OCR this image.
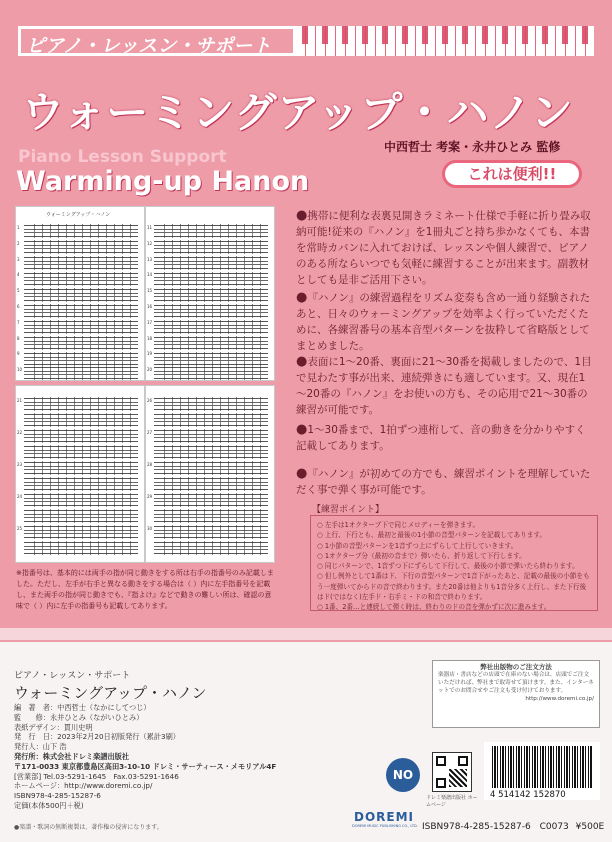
ピアノ・レッスン・サポート
ウォーミングアップ・ハノン
中西哲士 考案・永井ひとみ 監修
Piano Lesson Support
Warming-up Hanon	これは便利!!
ウォーミングアップ・ハノン
1
2
3
4
5
6
7
8
9
10
11
12
13
14
15
16
17
18
19
20
21
22
23
24
25
26
27
28
29
30
※指番号は、基本的には両手の指が同じ動きをする所は右手の指番号のみ記載しました。ただし、左手が右手と異なる動きをする場合は（ ）内に左手指番号を記載し、また両手の指が同じ動きでも、『指よけ』などで動きの難しい所は、確認の意味で（ ）内に左手の指番号も記載してあります。
●携帯に便利な表裏見開きラミネート仕様で手軽に折り畳み収納可能!従来の『ハノン』を1冊丸ごと持ち歩かなくても、本書を常時カバンに入れておけば、レッスンや個人練習で、ピアノのある所ならいつでも気軽に練習することが出来ます。副教材としても是非ご活用下さい。
●『ハノン』の練習過程をリズム変奏も含め一通り経験されたあと、日々のウォーミングアップを効率よく行っていただくために、各練習番号の基本音型パターンを抜粋して省略版としてまとめました。
●表面に1～20番、裏面に21～30番を掲載しましたので、1目で見わたす事が出来、連続弾きにも適しています。又、現在1～20番の『ハノン』をお使いの方も、その応用で21～30番の練習が可能です。
●1～30番まで、1拍ずつ連桁して、音の動きを分かりやすく記載してあります。
●『ハノン』が初めての方でも、練習ポイントを理解していただく事で弾く事が可能です。
【練習ポイント】
○ 左手は1オクターブ下で同じメロディーを弾きます。
○ 上行、下行とも、最初と最後の1小節の音型パターンを記載してあります。
○ 1小節の音型パターンを1音ずつ上にずらして上行していきます。
○ 1オクターブ分（最初の音まで）弾いたら、折り返して下行します。
○ 同じパターンで、1音ずつ下にずらして下行して、最後の小節で弾いたら終わります。
○ 但し例外として1番はド、下行の音型パターンで1音下がったあと、記載の最後の小節をもう一度弾いてからドの音で終わります。また20番は他よりも1音分多く上行し、また下行後はド(ではなく)左手ド・右手ミ・ドの和音で終わります。
○ 1番、2番…と連続して弾く時は、終わりのドの音を弾かずに次に進みます。
ピアノ・レッスン・サポート
ウォーミングアップ・ハノン
編　著　者：中西哲士（なかにしてつじ）
監　　修：永井ひとみ（ながいひとみ）
表紙デザイン：貫川史明
発　行　日：2023年2月20日初版発行（累計3刷）
発行人：山下 浩
発行所：株式会社ドレミ楽譜出版社
〒171-0033 東京都豊島区高田3-10-10 ドレミ・サーティース・メモリアル4F
[営業部] Tel.03-5291-1645　Fax.03-5291-1646
ホームページ：http://www.doremi.co.jp/
ISBN978-4-285-15287-6
定価(本体500円＋税)
●楽譜・歌詞の無断複製は、著作権の侵害になります。
弊社出版物のご注文方法
楽器店・書店などの店頭で在庫のない場合は、店頭でご注文いただければ、弊社まで取寄せて頂けます。また、インターネットでのお問合せやご注文も受け付けております。
http://www.doremi.co.jp/
NO
ドレミ楽譜出版社 ホームページ
DOREMI
DOREMI MUSIC PUBLISHING CO., LTD.
4 514142 152870
ISBN978-4-285-15287-6 C0073 ¥500E
